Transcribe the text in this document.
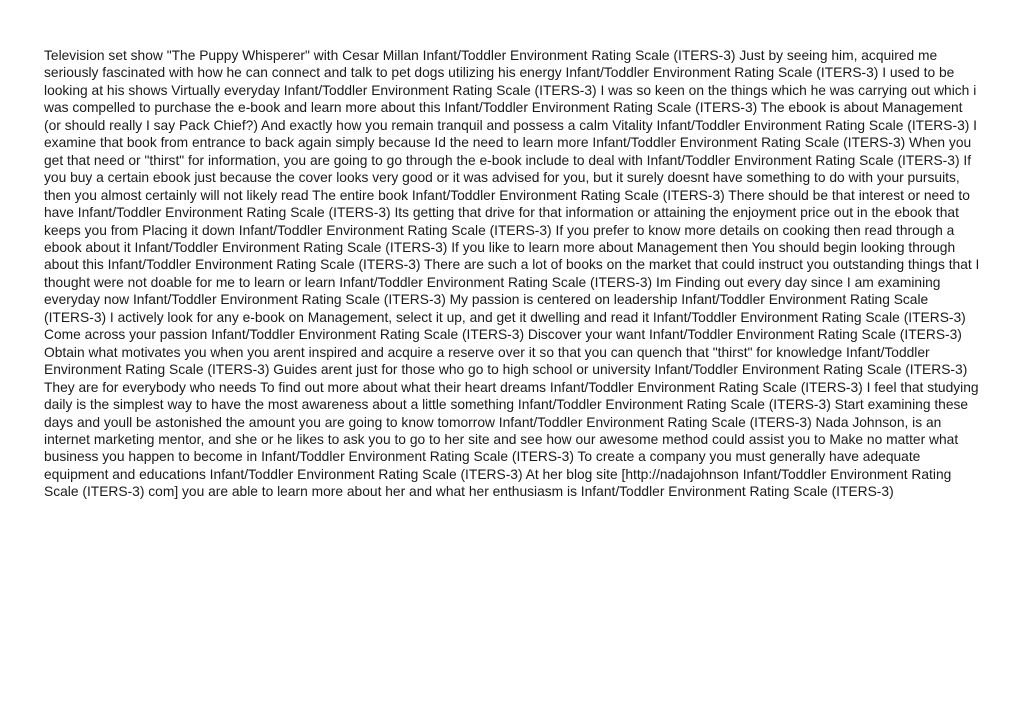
Television set show "The Puppy Whisperer" with Cesar Millan Infant/Toddler Environment Rating Scale (ITERS-3) Just by seeing him, acquired me seriously fascinated with how he can connect and talk to pet dogs utilizing his energy Infant/Toddler Environment Rating Scale (ITERS-3) I used to be looking at his shows Virtually everyday Infant/Toddler Environment Rating Scale (ITERS-3) I was so keen on the things which he was carrying out which i was compelled to purchase the e-book and learn more about this Infant/Toddler Environment Rating Scale (ITERS-3) The ebook is about Management (or should really I say Pack Chief?) And exactly how you remain tranquil and possess a calm Vitality Infant/Toddler Environment Rating Scale (ITERS-3) I examine that book from entrance to back again simply because Id the need to learn more Infant/Toddler Environment Rating Scale (ITERS-3) When you get that need or "thirst" for information, you are going to go through the e-book include to deal with Infant/Toddler Environment Rating Scale (ITERS-3) If you buy a certain ebook just because the cover looks very good or it was advised for you, but it surely doesnt have something to do with your pursuits, then you almost certainly will not likely read The entire book Infant/Toddler Environment Rating Scale (ITERS-3) There should be that interest or need to have Infant/Toddler Environment Rating Scale (ITERS-3) Its getting that drive for that information or attaining the enjoyment price out in the ebook that keeps you from Placing it down Infant/Toddler Environment Rating Scale (ITERS-3) If you prefer to know more details on cooking then read through a ebook about it Infant/Toddler Environment Rating Scale (ITERS-3) If you like to learn more about Management then You should begin looking through about this Infant/Toddler Environment Rating Scale (ITERS-3) There are such a lot of books on the market that could instruct you outstanding things that I thought were not doable for me to learn or learn Infant/Toddler Environment Rating Scale (ITERS-3) Im Finding out every day since I am examining everyday now Infant/Toddler Environment Rating Scale (ITERS-3) My passion is centered on leadership Infant/Toddler Environment Rating Scale (ITERS-3) I actively look for any e-book on Management, select it up, and get it dwelling and read it Infant/Toddler Environment Rating Scale (ITERS-3) Come across your passion Infant/Toddler Environment Rating Scale (ITERS-3) Discover your want Infant/Toddler Environment Rating Scale (ITERS-3) Obtain what motivates you when you arent inspired and acquire a reserve over it so that you can quench that "thirst" for knowledge Infant/Toddler Environment Rating Scale (ITERS-3) Guides arent just for those who go to high school or university Infant/Toddler Environment Rating Scale (ITERS-3) They are for everybody who needs To find out more about what their heart dreams Infant/Toddler Environment Rating Scale (ITERS-3) I feel that studying daily is the simplest way to have the most awareness about a little something Infant/Toddler Environment Rating Scale (ITERS-3) Start examining these days and youll be astonished the amount you are going to know tomorrow Infant/Toddler Environment Rating Scale (ITERS-3) Nada Johnson, is an internet marketing mentor, and she or he likes to ask you to go to her site and see how our awesome method could assist you to Make no matter what business you happen to become in Infant/Toddler Environment Rating Scale (ITERS-3) To create a company you must generally have adequate equipment and educations Infant/Toddler Environment Rating Scale (ITERS-3) At her blog site [http://nadajohnson Infant/Toddler Environment Rating Scale (ITERS-3) com] you are able to learn more about her and what her enthusiasm is Infant/Toddler Environment Rating Scale (ITERS-3)
